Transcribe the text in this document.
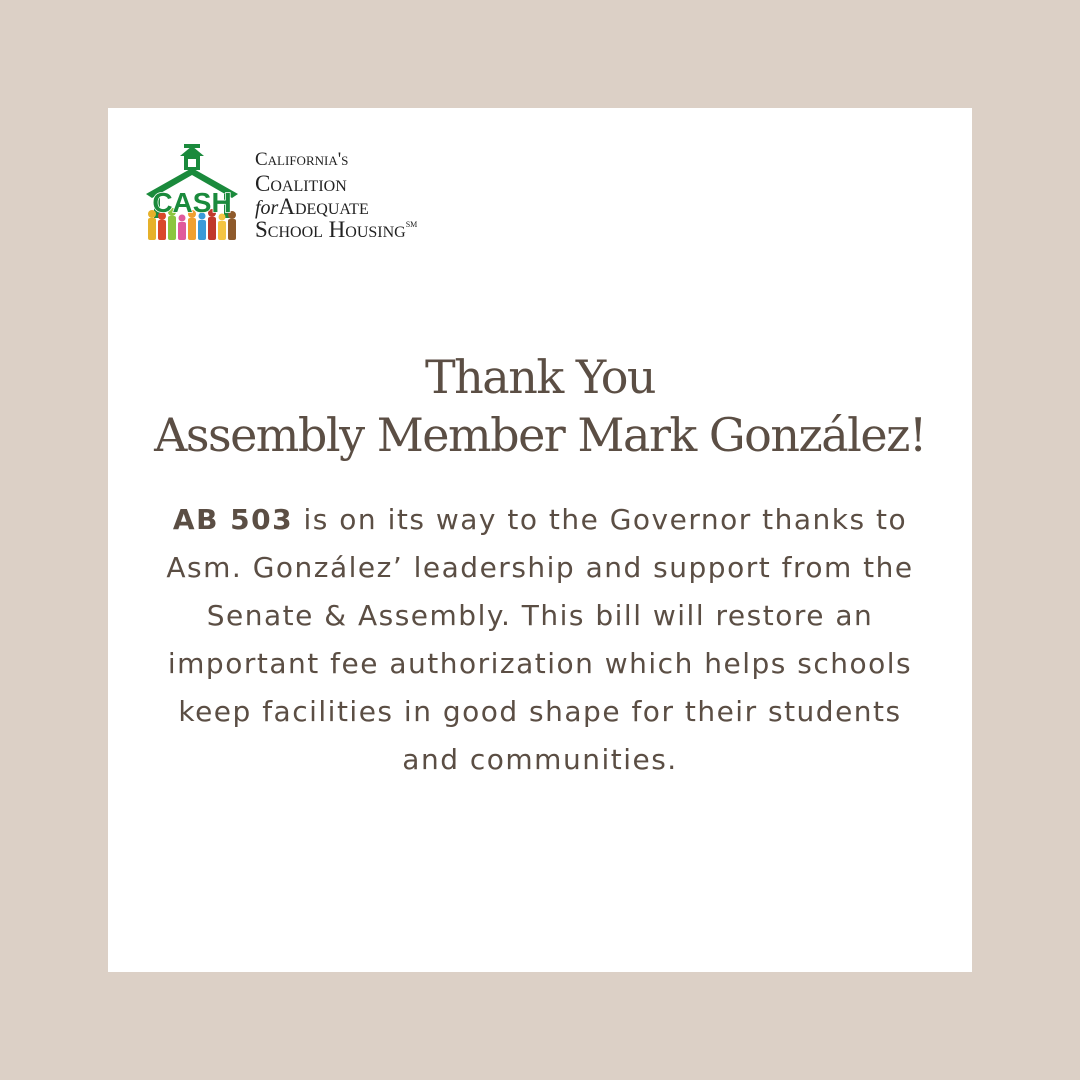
CASH
California's
Coalition
forAdequate
School Housing℠
Thank You
Assembly Member Mark González!
AB 503 is on its way to the Governor thanks to Asm. González’ leadership and support from the Senate & Assembly. This bill will restore an important fee authorization which helps schools keep facilities in good shape for their students and communities.
